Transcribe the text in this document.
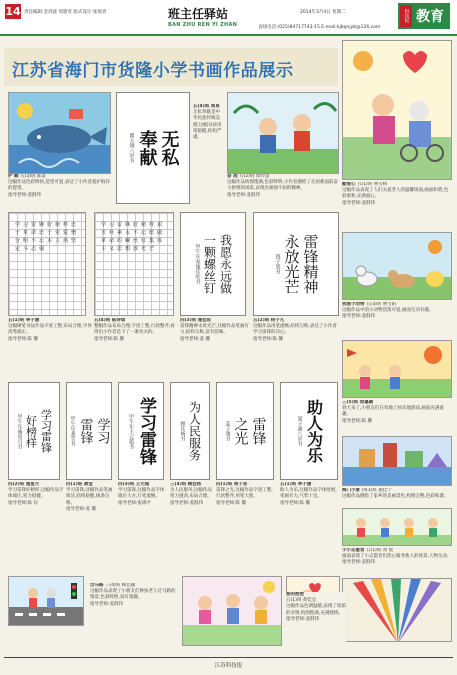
14 责任编辑:金剑波 周建青 版式设计:张瑞青	班主任驿站
BAN ZHU REN YI ZHAN
2014年3月4日 星期二
直线电话:(025)84717743-15 E-mail:kjbqnjyb@126.com
科技报 教育
江苏省海门市货隆小学书画作品展示
护 鲸 五(3)班 陈鉴
这幅作品色彩明快,造型可爱,表达了小作者爱护海洋的愿望。
指导老师:姜群伟
无私
奉献
瞿天翔八岁书
五(4)班 周易
无私奉献是中华民族传统美德,这幅书法用笔稳健,结构严谨。
奋 战 五(2)班 徐玲慧
这幅作品构图饱满,色彩鲜明,小作者描绘了在困难面前奋力拼搏的场景,表现出顽强不屈的精神。
指导老师:姜群伟
献爱心 五(1)班 曹雪杨
这幅作品表现了人们关爱老人的温馨场面,画面和谐,色彩柔和,充满爱心。
指导老师:姜群伟
学习雷锋好榜样忠于革命忠于党爱憎分明不忘本立场坚定斗志强
五(1)班 季子涵
这幅硬笔书法作品字迹工整,布局合理,字体清秀端正。
指导老师:陈 馨
学习雷锋好榜样艰苦朴素永不忘愿做革命的螺丝钉集体主义思想放光芒
五(4)班 陆诗瑶
整幅作品布局合理,字迹工整,行款整齐,看得出小作者是下了一番功夫的。
指导老师:陈 馨
我愿永远做
一颗螺丝钉
甲午年春施佳旺书
四(3)班 施佳旺
雷锋精神永放光芒,这幅作品笔画有力,结构匀称,富有韵味。
指导老师:姜 馨
雷锋精神
永放光芒
钱子棠书
五(2)班 杨子凡
这幅作品用笔流畅,结构匀称,表达了小作者学习雷锋的决心。
指导老师:陈 馨
我爱小动物 五(3)班 曹雪阳
这幅作品中的小动物活泼可爱,画面生动有趣。
指导老师:姜群伟
三(5)班 徐嘉颖
春天来了,小朋友们在草地上快乐地游戏,画面充满童趣。
指导老师:陈 馨
学习雷锋
好榜样
甲午年施星月书
四(2)班 施星月
学习雷锋好榜样,这幅作品字体端庄,笔力稳健。
指导老师:陈 钰
学习
雷锋
甲午年龚莹书
四(1)班 龚莹
学习雷锋,这幅作品笔画简洁,结构稳健,线条匀称。
指导老师:姜 馨
学习雷锋
甲午年王元超书
四(3)班 王元超
学习雷锋,这幅作品字体端庄大方,行笔流畅。
指导老师:张锦平
为人民服务
顾佳杨书
三(4)班 顾佳杨
为人民服务,这幅作品笔力遒劲,布局合理。
指导老师:姜群伟
雷锋
之光
姜子逸书
四(1)班 周子易
雷锋之光,这幅作品字迹工整,行款整齐,用笔大胆。
指导老师:陈 馨
助人为乐
梁子涵八岁书
五(1)班 季子涵
助人为乐,这幅作品字体舒展,笔画有力,气势十足。
指导老师:陈 馨
海门小景 四(1)班 施佳宁
这幅作品描绘了家乡的美丽景色,构图完整,色彩和谐。
小小志愿者 五(1)班 黄 悦
画面表现了小志愿者们热心服务他人的场景,人物生动。
指导老师:姜群伟
过马路 三(4)班 顾佳颖
这幅作品表现了小朋友们搀扶老人过马路的情景,色彩鲜艳,富有童趣。
指导老师:姜群伟
爱的抱抱
五(1)班 黄佳宜
这幅作品色调温暖,表现了浓浓的亲情,构图饱满,充满感情。
指导老师:姜群伟
江苏科技报
